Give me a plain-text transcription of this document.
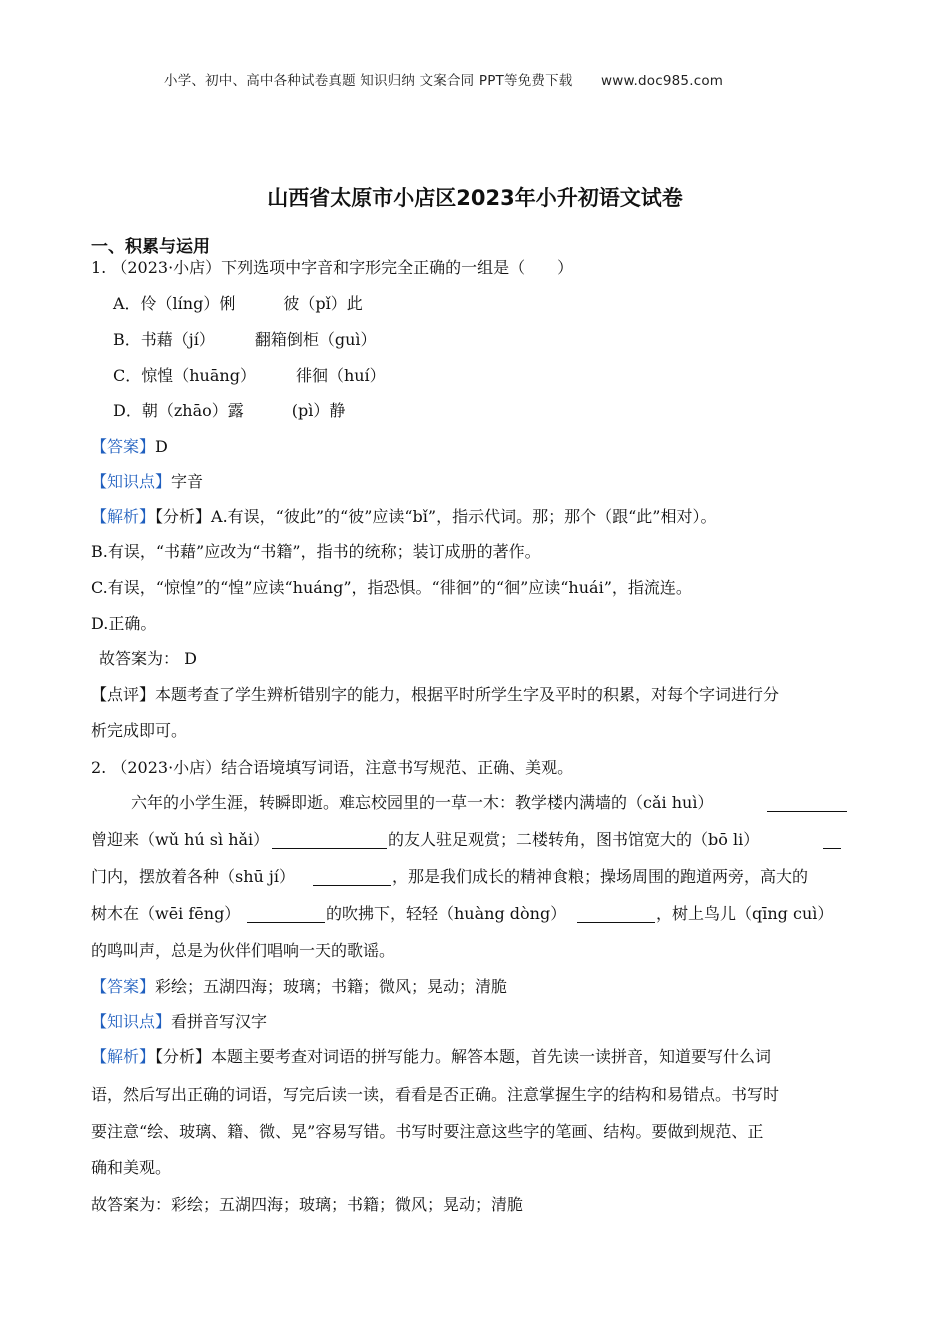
小学、初中、高中各种试卷真题 知识归纳 文案合同 PPT等免费下载 www.doc985.com
山西省太原市小店区2023年小升初语文试卷
一、积累与运用
1. （2023·小店）下列选项中字音和字形完全正确的一组是（　　）
A．伶（líng）俐　　　彼（pǐ）此
B．书藉（jí）　　　翻箱倒柜（guì）
C．惊惶（huāng）　　　徘徊（huí）
D．朝（zhāo）露　　　(pì）静
【答案】D
【知识点】字音
【解析】【分析】A.有误，“彼此”的“彼”应读“bǐ”，指示代词。那；那个（跟“此”相对）。
B.有误，“书藉”应改为“书籍”，指书的统称；装订成册的著作。
C.有误，“惊惶”的“惶”应读“huáng”，指恐惧。“徘徊”的“徊”应读“huái”，指流连。
D.正确。
故答案为： D
【点评】本题考查了学生辨析错别字的能力，根据平时所学生字及平时的积累，对每个字词进行分
析完成即可。
2. （2023·小店）结合语境填写词语，注意书写规范、正确、美观。
六年的小学生涯，转瞬即逝。难忘校园里的一草一木：教学楼内满墙的（cǎi huì）
曾迎来（wǔ hú sì hǎi）	的友人驻足观赏；二楼转角，图书馆宽大的（bō li）
门内，摆放着各种（shū jí）	，那是我们成长的精神食粮；操场周围的跑道两旁，高大的
树木在（wēi fēng）	的吹拂下，轻轻（huàng dòng）	，树上鸟儿（qīng cuì）
的鸣叫声，总是为伙伴们唱响一天的歌谣。
【答案】彩绘；五湖四海；玻璃；书籍；微风；晃动；清脆
【知识点】看拼音写汉字
【解析】【分析】本题主要考查对词语的拼写能力。解答本题，首先读一读拼音，知道要写什么词
语，然后写出正确的词语，写完后读一读，看看是否正确。注意掌握生字的结构和易错点。书写时
要注意“绘、玻璃、籍、微、晃”容易写错。书写时要注意这些字的笔画、结构。要做到规范、正
确和美观。
故答案为：彩绘；五湖四海；玻璃；书籍；微风；晃动；清脆
